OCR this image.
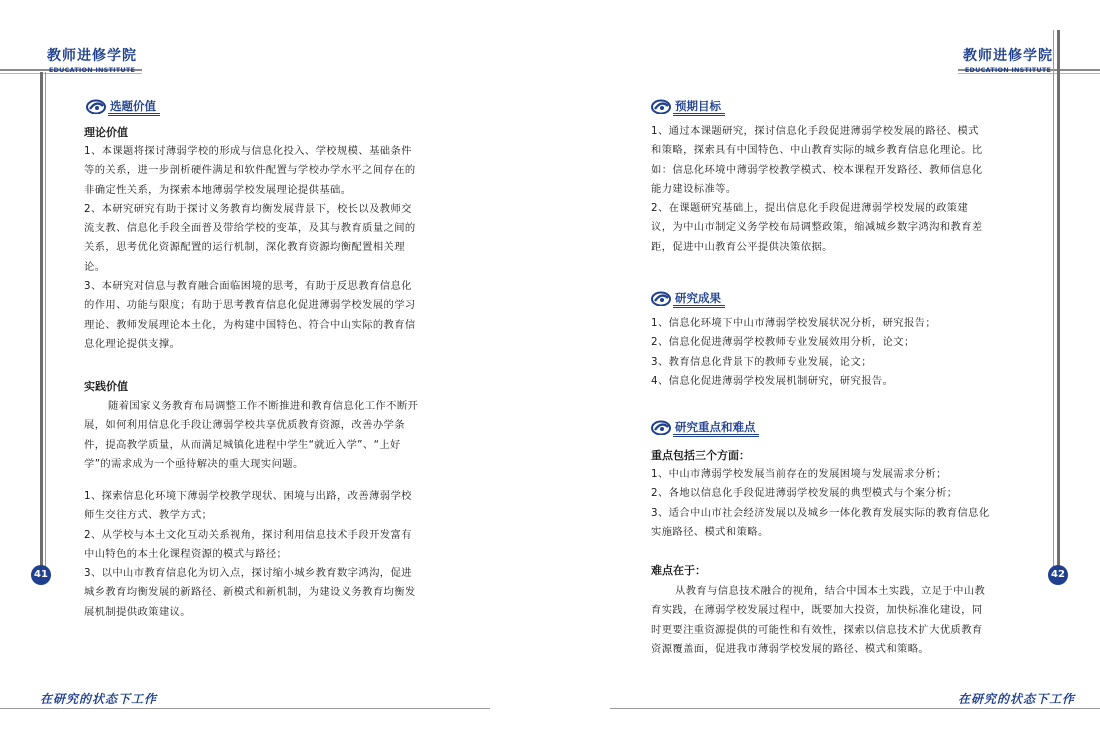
教师进修学院
EDUCATION INSTITUTE
教师进修学院
EDUCATION INSTITUTE
41	42
选题价值
理论价值

1、本课题将探讨薄弱学校的形成与信息化投入、学校规模、基础条件

等的关系，进一步剖析硬件满足和软件配置与学校办学水平之间存在的

非确定性关系，为探索本地薄弱学校发展理论提供基础。

2、本研究研究有助于探讨义务教育均衡发展背景下，校长以及教师交

流支教、信息化手段全面普及带给学校的变革，及其与教育质量之间的

关系，思考优化资源配置的运行机制，深化教育资源均衡配置相关理

论。

3、本研究对信息与教育融合面临困境的思考，有助于反思教育信息化

的作用、功能与限度；有助于思考教育信息化促进薄弱学校发展的学习

理论、教师发展理论本土化，为构建中国特色、符合中山实际的教育信

息化理论提供支撑。

实践价值

随着国家义务教育布局调整工作不断推进和教育信息化工作不断开

展，如何利用信息化手段让薄弱学校共享优质教育资源，改善办学条

件，提高教学质量，从而满足城镇化进程中学生“就近入学”、“上好

学”的需求成为一个亟待解决的重大现实问题。

1、探索信息化环境下薄弱学校教学现状、困境与出路，改善薄弱学校

师生交往方式、教学方式；

2、从学校与本土文化互动关系视角，探讨利用信息技术手段开发富有

中山特色的本土化课程资源的模式与路径；

3、以中山市教育信息化为切入点，探讨缩小城乡教育数字鸿沟，促进

城乡教育均衡发展的新路径、新模式和新机制，为建设义务教育均衡发

展机制提供政策建议。

预期目标

1、通过本课题研究，探讨信息化手段促进薄弱学校发展的路径、模式

和策略，探索具有中国特色、中山教育实际的城乡教育信息化理论。比

如：信息化环境中薄弱学校教学模式、校本课程开发路径、教师信息化

能力建设标准等。

2、在课题研究基础上，提出信息化手段促进薄弱学校发展的政策建

议，为中山市制定义务学校布局调整政策，缩减城乡数字鸿沟和教育差

距，促进中山教育公平提供决策依据。

研究成果

1、信息化环境下中山市薄弱学校发展状况分析，研究报告；

2、信息化促进薄弱学校教师专业发展效用分析，论文；

3、教育信息化背景下的教师专业发展，论文；

4、信息化促进薄弱学校发展机制研究，研究报告。

研究重点和难点
重点包括三个方面：

1、中山市薄弱学校发展当前存在的发展困境与发展需求分析；

2、各地以信息化手段促进薄弱学校发展的典型模式与个案分析；

3、适合中山市社会经济发展以及城乡一体化教育发展实际的教育信息化

实施路径、模式和策略。

难点在于：

从教育与信息技术融合的视角，结合中国本土实践，立足于中山教

育实践，在薄弱学校发展过程中，既要加大投资，加快标准化建设，同

时更要注重资源提供的可能性和有效性，探索以信息技术扩大优质教育

资源覆盖面，促进我市薄弱学校发展的路径、模式和策略。

在研究的状态下工作	在研究的状态下工作
